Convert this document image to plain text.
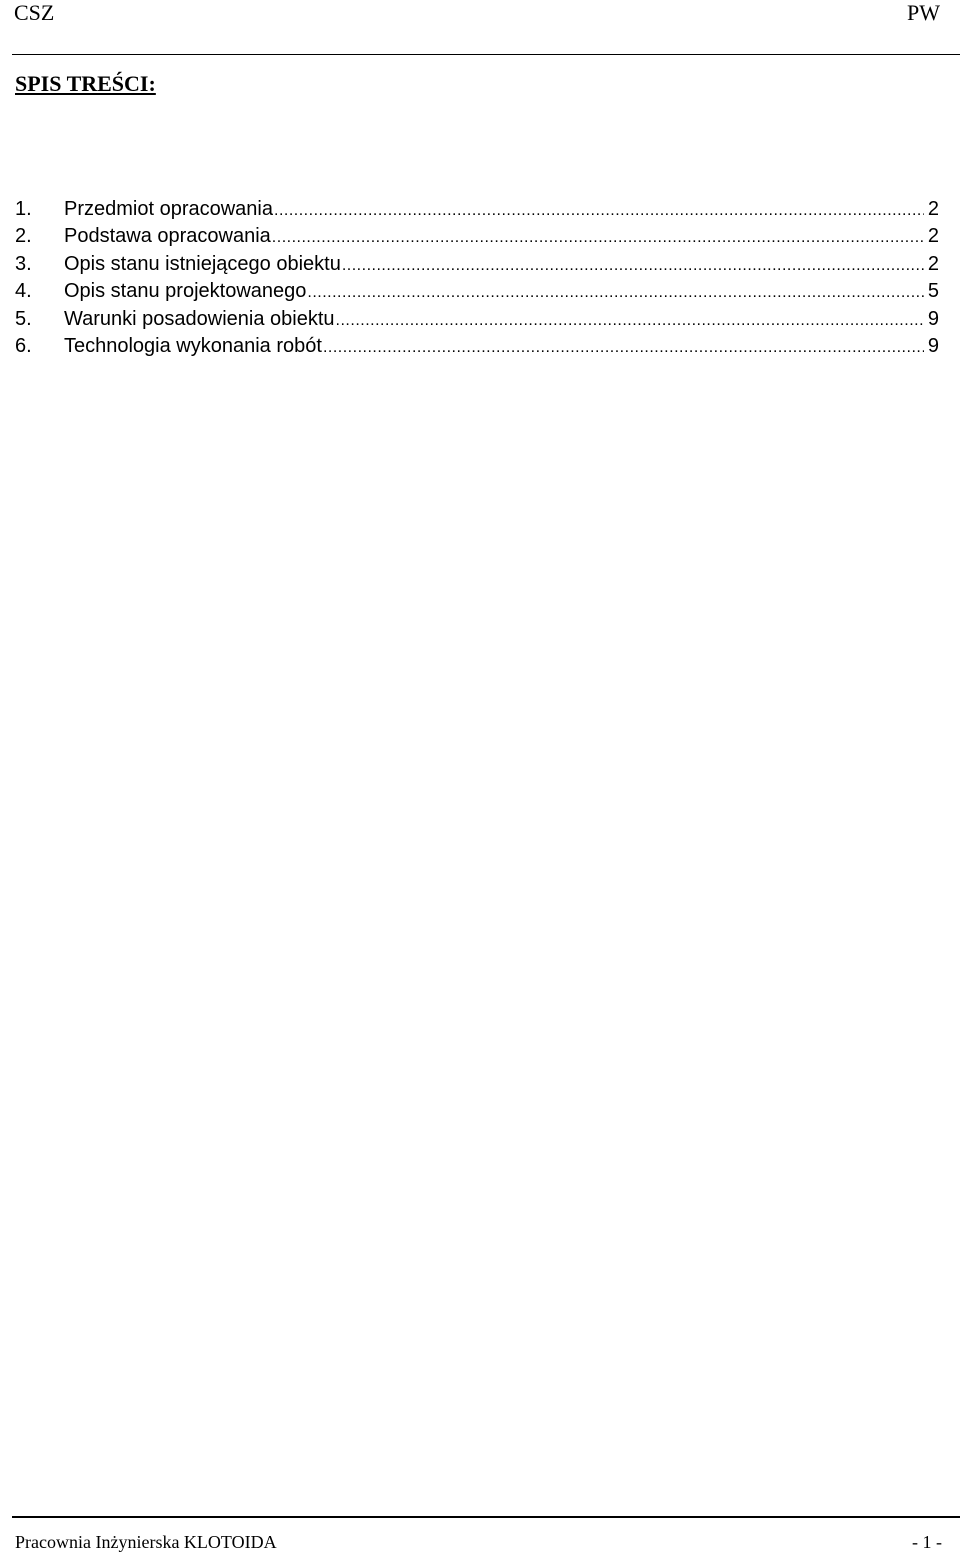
CSZ	PW
SPIS TREŚCI:
1.	Przedmiot opracowania .....	2
2.	Podstawa opracowania .....	2
3.	Opis stanu istniejącego obiektu .....	2
4.	Opis stanu projektowanego .....	5
5.	Warunki posadowienia obiektu .....	9
6.	Technologia wykonania robót .....	9
Pracownia Inżynierska KLOTOIDA	- 1 -
